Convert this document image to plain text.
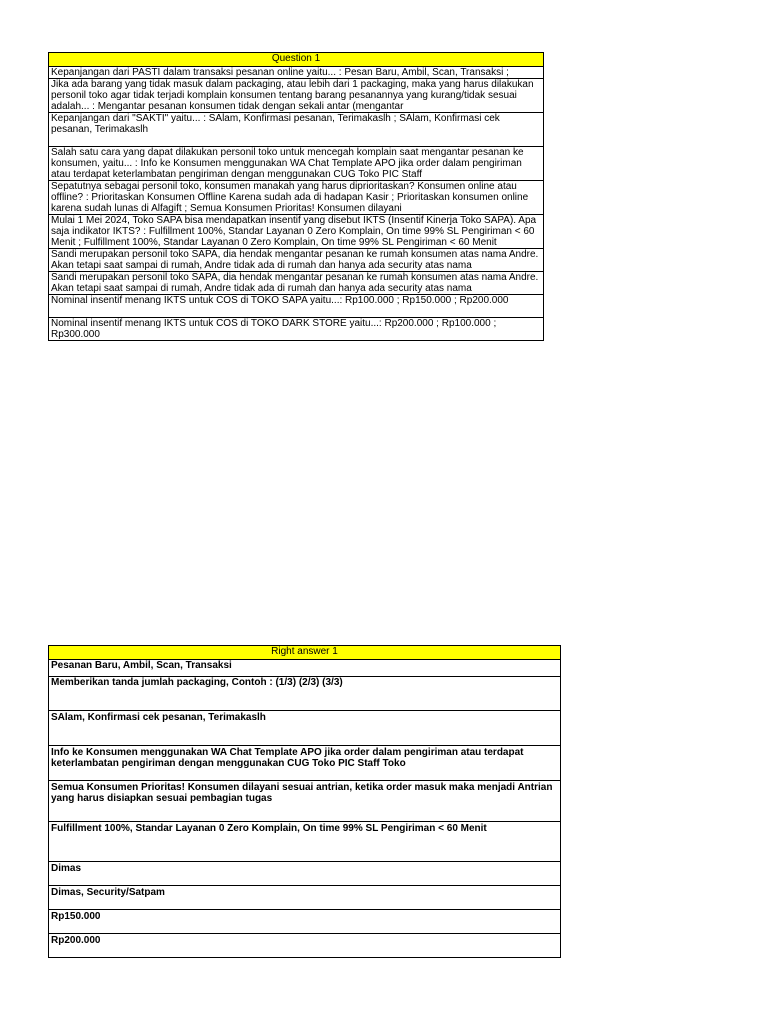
Question 1

Kepanjangan dari PASTI dalam transaksi pesanan online yaitu... : Pesan Baru, Ambil, Scan, Transaksi ;

Jika ada barang yang tidak masuk dalam packaging, atau lebih dari 1 packaging, maka yang harus dilakukan personil toko agar tidak terjadi komplain konsumen tentang barang pesanannya yang kurang/tidak sesuai adalah... : Mengantar pesanan konsumen tidak dengan sekali antar (mengantar

Kepanjangan dari "SAKTI" yaitu... : SAlam, Konfirmasi pesanan, Terimakaslh ; SAlam, Konfirmasi cek pesanan, Terimakaslh

Salah satu cara yang dapat dilakukan personil toko untuk mencegah komplain saat mengantar pesanan ke konsumen, yaitu... : Info ke Konsumen menggunakan WA Chat Template APO jika order dalam pengiriman atau terdapat keterlambatan pengiriman dengan menggunakan CUG Toko PIC Staff

Sepatutnya sebagai personil toko, konsumen manakah yang harus diprioritaskan? Konsumen online atau offline? : Prioritaskan Konsumen Offline Karena sudah ada di hadapan Kasir ; Prioritaskan konsumen online karena sudah lunas di Alfagift ; Semua Konsumen Prioritas! Konsumen dilayani

Mulai 1 Mei 2024, Toko SAPA bisa mendapatkan insentif yang disebut IKTS (Insentif Kinerja Toko SAPA). Apa saja indikator IKTS? : Fulfillment 100%, Standar Layanan 0 Zero Komplain, On time 99% SL Pengiriman < 60 Menit ; Fulfillment 100%, Standar Layanan 0 Zero Komplain, On time 99% SL Pengiriman < 60 Menit

Sandi merupakan personil toko SAPA, dia hendak mengantar pesanan ke rumah konsumen atas nama Andre. Akan tetapi saat sampai di rumah, Andre tidak ada di rumah dan hanya ada security atas nama

Sandi merupakan personil toko SAPA, dia hendak mengantar pesanan ke rumah konsumen atas nama Andre. Akan tetapi saat sampai di rumah, Andre tidak ada di rumah dan hanya ada security atas nama

Nominal insentif menang IKTS untuk COS di TOKO SAPA yaitu...: Rp100.000 ; Rp150.000 ; Rp200.000

Nominal insentif menang IKTS untuk COS di TOKO DARK STORE yaitu...: Rp200.000 ; Rp100.000 ; Rp300.000
Right answer 1
Pesanan Baru, Ambil, Scan, Transaksi
Memberikan tanda jumlah packaging, Contoh : (1/3) (2/3) (3/3)
SAlam, Konfirmasi cek pesanan, Terimakaslh
Info ke Konsumen menggunakan WA Chat Template APO jika order dalam pengiriman atau terdapat keterlambatan pengiriman dengan menggunakan CUG Toko PIC Staff Toko
Semua Konsumen Prioritas! Konsumen dilayani sesuai antrian, ketika order masuk maka menjadi Antrian yang harus disiapkan sesuai pembagian tugas
Fulfillment 100%, Standar Layanan 0 Zero Komplain, On time 99% SL Pengiriman < 60 Menit
Dimas
Dimas, Security/Satpam
Rp150.000
Rp200.000
